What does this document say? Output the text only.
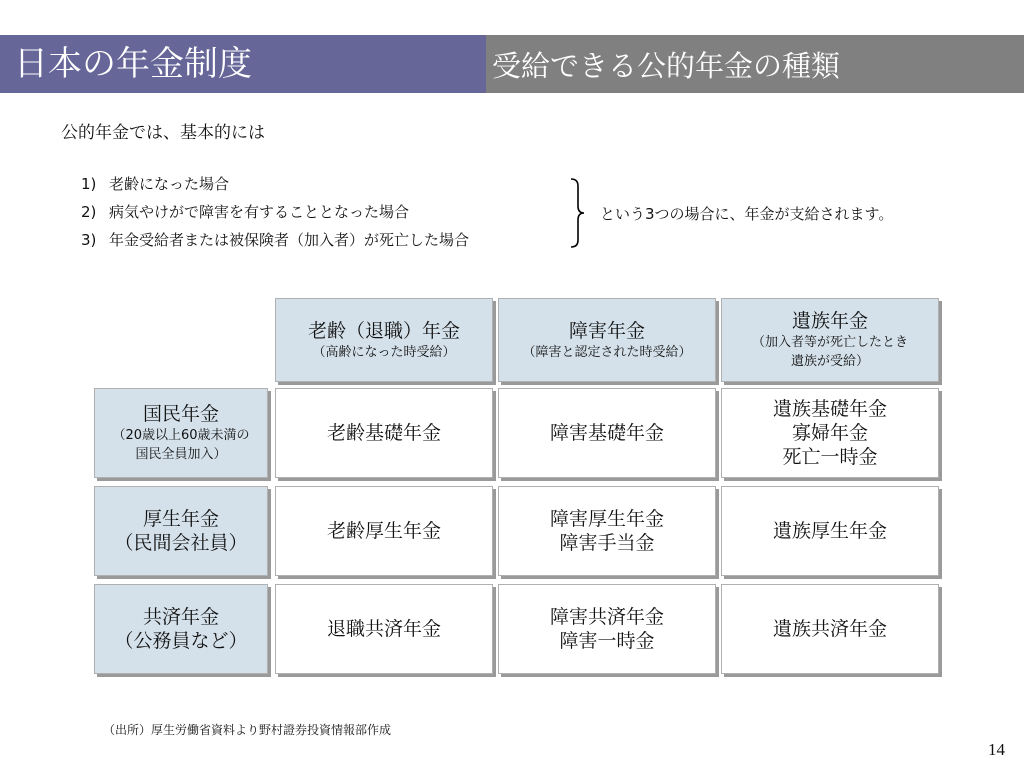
日本の年金制度	受給できる公的年金の種類
公的年金では、基本的には
1) 老齢になった場合
2) 病気やけがで障害を有することとなった場合
3) 年金受給者または被保険者（加入者）が死亡した場合
という3つの場合に、年金が支給されます。
老齢（退職）年金
（高齢になった時受給）
障害年金
（障害と認定された時受給）
遺族年金
（加入者等が死亡したとき
遺族が受給）
国民年金
（20歳以上60歳未満の
国民全員加入）
老齢基礎年金	障害基礎年金
遺族基礎年金
寡婦年金
死亡一時金
厚生年金
（民間会社員）
老齢厚生年金
障害厚生年金
障害手当金
遺族厚生年金
共済年金
（公務員など）
退職共済年金
障害共済年金
障害一時金
遺族共済年金
（出所）厚生労働省資料より野村證券投資情報部作成
14
